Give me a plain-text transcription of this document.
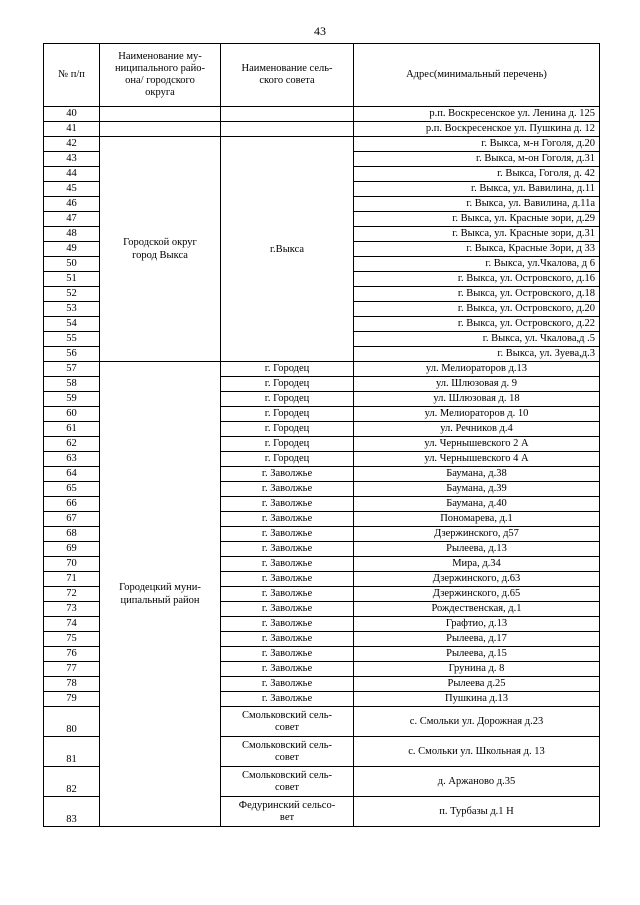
43
№ п/п	Наименование му-
ниципального райо-
она/ городского
округа	Наименование сель-
ского совета	Адрес(минимальный перечень)
40			р.п. Воскресенское ул. Ленина д. 125
41			р.п. Воскресенское ул. Пушкина д. 12
42	Городской округ
город Выкса	г.Выкса	г. Выкса, м-н Гоголя, д.20
43			г. Выкса, м-он Гоголя, д.31
44			г. Выкса, Гоголя, д. 42
45			г. Выкса, ул. Вавилина, д.11
46			г. Выкса, ул. Вавилина, д.11а
47			г. Выкса, ул. Красные зори, д.29
48			г. Выкса, ул. Красные зори, д.31
49			г. Выкса, Красные Зори, д 33
50			г. Выкса, ул.Чкалова, д 6
51			г. Выкса, ул. Островского, д.16
52			г. Выкса, ул. Островского, д.18
53			г. Выкса, ул. Островского, д.20
54			г. Выкса, ул. Островского, д.22
55			г. Выкса, ул. Чкалова,д .5
56			г. Выкса, ул. Зуева,д.3
57	Городецкий муни-
ципальный район	г. Городец	ул. Мелиораторов д.13
58		г. Городец	ул. Шлюзовая д. 9
59		г. Городец	ул. Шлюзовая д. 18
60		г. Городец	ул. Мелиораторов д. 10
61		г. Городец	ул. Речников д.4
62		г. Городец	ул. Чернышевского 2 А
63		г. Городец	ул. Чернышевского 4 А
64		г. Заволжье	Баумана, д.38
65		г. Заволжье	Баумана, д.39
66		г. Заволжье	Баумана, д.40
67		г. Заволжье	Пономарева, д.1
68		г. Заволжье	Дзержинского, д57
69		г. Заволжье	Рылеева, д.13
70		г. Заволжье	Мира, д.34
71		г. Заволжье	Дзержинского, д.63
72		г. Заволжье	Дзержинского, д.65
73		г. Заволжье	Рождественская, д.1
74		г. Заволжье	Графтио, д.13
75		г. Заволжье	Рылеева, д.17
76		г. Заволжье	Рылеева, д.15
77		г. Заволжье	Грунина д. 8
78		г. Заволжье	Рылеева д.25
79		г. Заволжье	Пушкина д.13
80		Смольковский сель-
совет	с. Смольки ул. Дорожная д.23
81		Смольковский сель-
совет	с. Смольки ул. Школьная д. 13
82		Смольковский сель-
совет	д. Аржаново д.35
83		Федуринский сельсо-
вет	п. Турбазы д.1 Н
